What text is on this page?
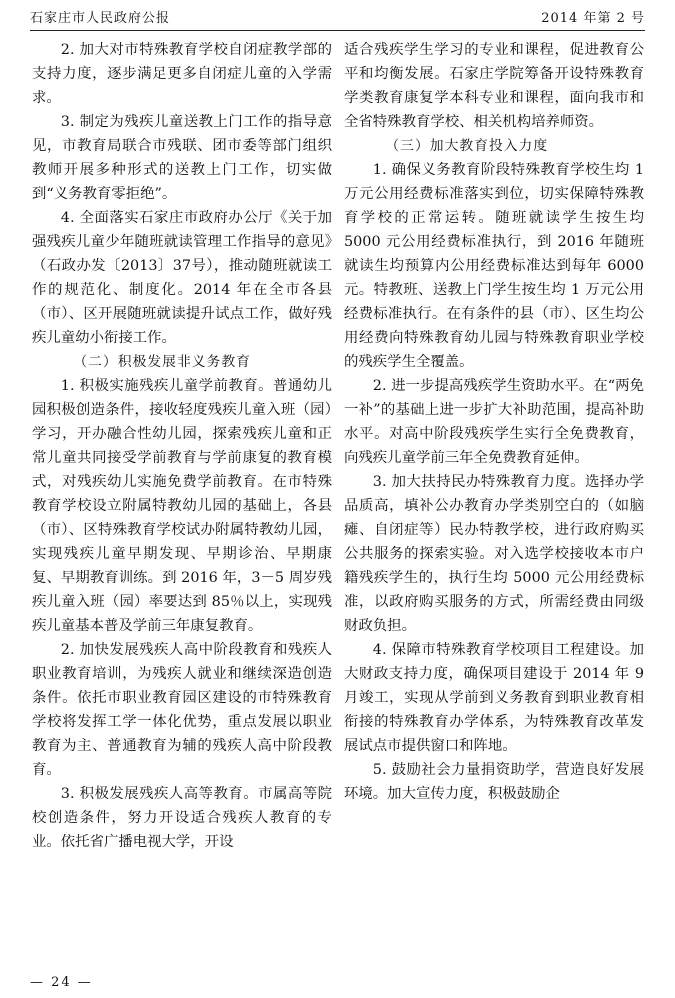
石家庄市人民政府公报	2014 年第 2 号

2. 加大对市特殊教育学校自闭症教学部的支持力度，逐步满足更多自闭症儿童的入学需求。

3. 制定为残疾儿童送教上门工作的指导意见，市教育局联合市残联、团市委等部门组织教师开展多种形式的送教上门工作，切实做到“义务教育零拒绝”。

4. 全面落实石家庄市政府办公厅《关于加强残疾儿童少年随班就读管理工作指导的意见》（石政办发〔2013〕37号），推动随班就读工作的规范化、制度化。2014 年在全市各县（市）、区开展随班就读提升试点工作，做好残疾儿童幼小衔接工作。

（二）积极发展非义务教育

1. 积极实施残疾儿童学前教育。普通幼儿园积极创造条件，接收轻度残疾儿童入班（园）学习，开办融合性幼儿园，探索残疾儿童和正常儿童共同接受学前教育与学前康复的教育模式，对残疾幼儿实施免费学前教育。在市特殊教育学校设立附属特教幼儿园的基础上，各县（市）、区特殊教育学校试办附属特教幼儿园，实现残疾儿童早期发现、早期诊治、早期康复、早期教育训练。到 2016 年，3－5 周岁残疾儿童入班（园）率要达到 85％以上，实现残疾儿童基本普及学前三年康复教育。

2. 加快发展残疾人高中阶段教育和残疾人职业教育培训，为残疾人就业和继续深造创造条件。依托市职业教育园区建设的市特殊教育学校将发挥工学一体化优势，重点发展以职业教育为主、普通教育为辅的残疾人高中阶段教育。

3. 积极发展残疾人高等教育。市属高等院校创造条件，努力开设适合残疾人教育的专业。依托省广播电视大学，开设

适合残疾学生学习的专业和课程，促进教育公平和均衡发展。石家庄学院筹备开设特殊教育学类教育康复学本科专业和课程，面向我市和全省特殊教育学校、相关机构培养师资。

（三）加大教育投入力度

1. 确保义务教育阶段特殊教育学校生均 1 万元公用经费标准落实到位，切实保障特殊教育学校的正常运转。随班就读学生按生均 5000 元公用经费标准执行，到 2016 年随班就读生均预算内公用经费标准达到每年 6000 元。特教班、送教上门学生按生均 1 万元公用经费标准执行。在有条件的县（市）、区生均公用经费向特殊教育幼儿园与特殊教育职业学校的残疾学生全覆盖。

2. 进一步提高残疾学生资助水平。在“两免一补”的基础上进一步扩大补助范围，提高补助水平。对高中阶段残疾学生实行全免费教育，向残疾儿童学前三年全免费教育延伸。

3. 加大扶持民办特殊教育力度。选择办学品质高，填补公办教育办学类别空白的（如脑瘫、自闭症等）民办特教学校，进行政府购买公共服务的探索实验。对入选学校接收本市户籍残疾学生的，执行生均 5000 元公用经费标准，以政府购买服务的方式，所需经费由同级财政负担。

4. 保障市特殊教育学校项目工程建设。加大财政支持力度，确保项目建设于 2014 年 9 月竣工，实现从学前到义务教育到职业教育相衔接的特殊教育办学体系，为特殊教育改革发展试点市提供窗口和阵地。

5. 鼓励社会力量捐资助学，营造良好发展环境。加大宣传力度，积极鼓励企

— 24 —
